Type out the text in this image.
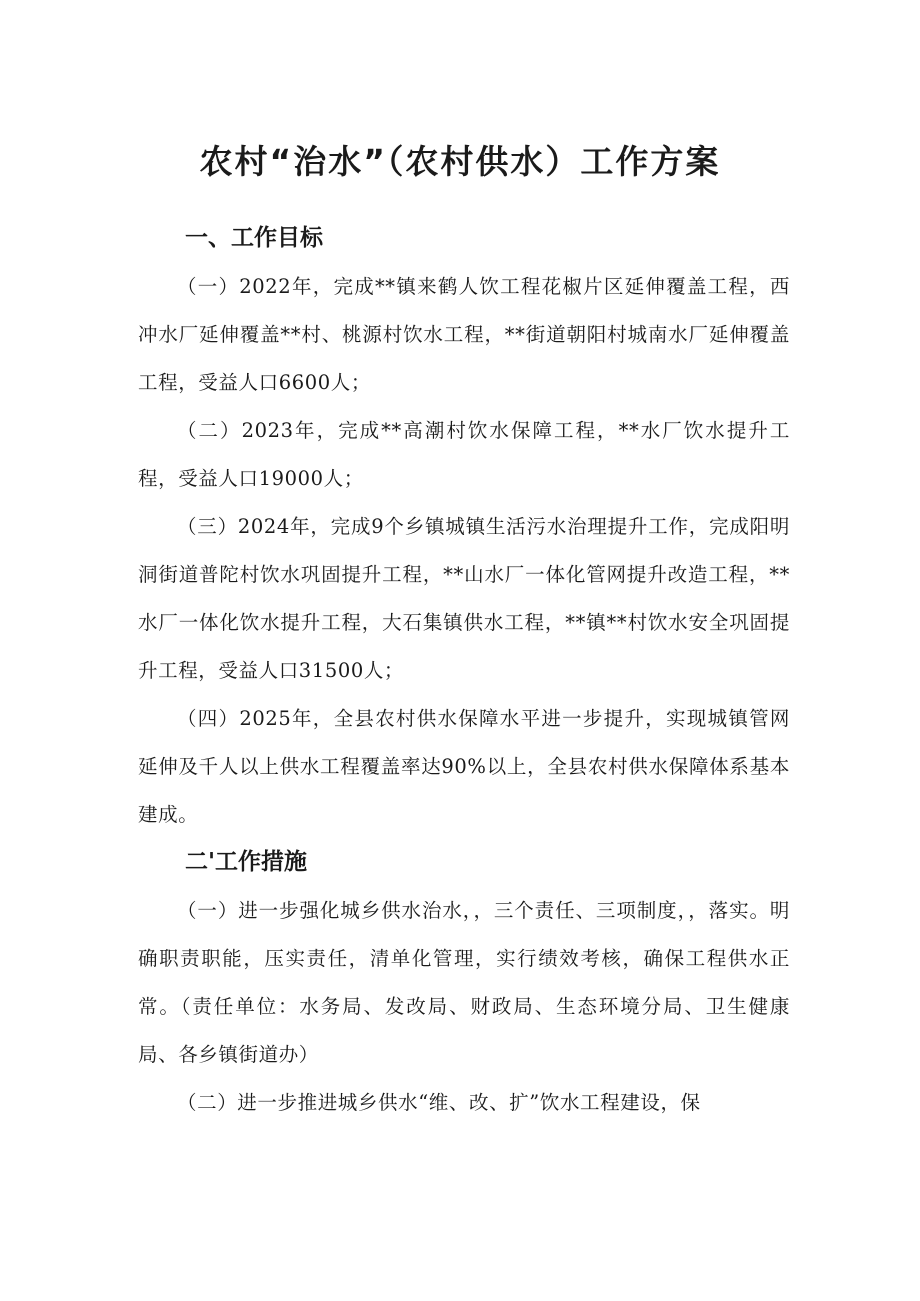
农村“治水”（农村供水）工作方案
一、工作目标

（一）2022年，完成**镇来鹤人饮工程花椒片区延伸覆盖工程，西冲水厂延伸覆盖**村、桃源村饮水工程，**街道朝阳村城南水厂延伸覆盖工程，受益人口6600人；

（二）2023年，完成**高潮村饮水保障工程，**水厂饮水提升工程，受益人口19000人；

（三）2024年，完成9个乡镇城镇生活污水治理提升工作，完成阳明洞街道普陀村饮水巩固提升工程，**山水厂一体化管网提升改造工程，**水厂一体化饮水提升工程，大石集镇供水工程，**镇**村饮水安全巩固提升工程，受益人口31500人；

（四）2025年，全县农村供水保障水平进一步提升，实现城镇管网延伸及千人以上供水工程覆盖率达90%以上，全县农村供水保障体系基本建成。

二'工作措施

（一）进一步强化城乡供水治水，，三个责任、三项制度，，落实。明确职责职能，压实责任，清单化管理，实行绩效考核，确保工程供水正常。（责任单位：水务局、发改局、财政局、生态环境分局、卫生健康局、各乡镇街道办）

（二）进一步推进城乡供水“维、改、扩”饮水工程建设，保
